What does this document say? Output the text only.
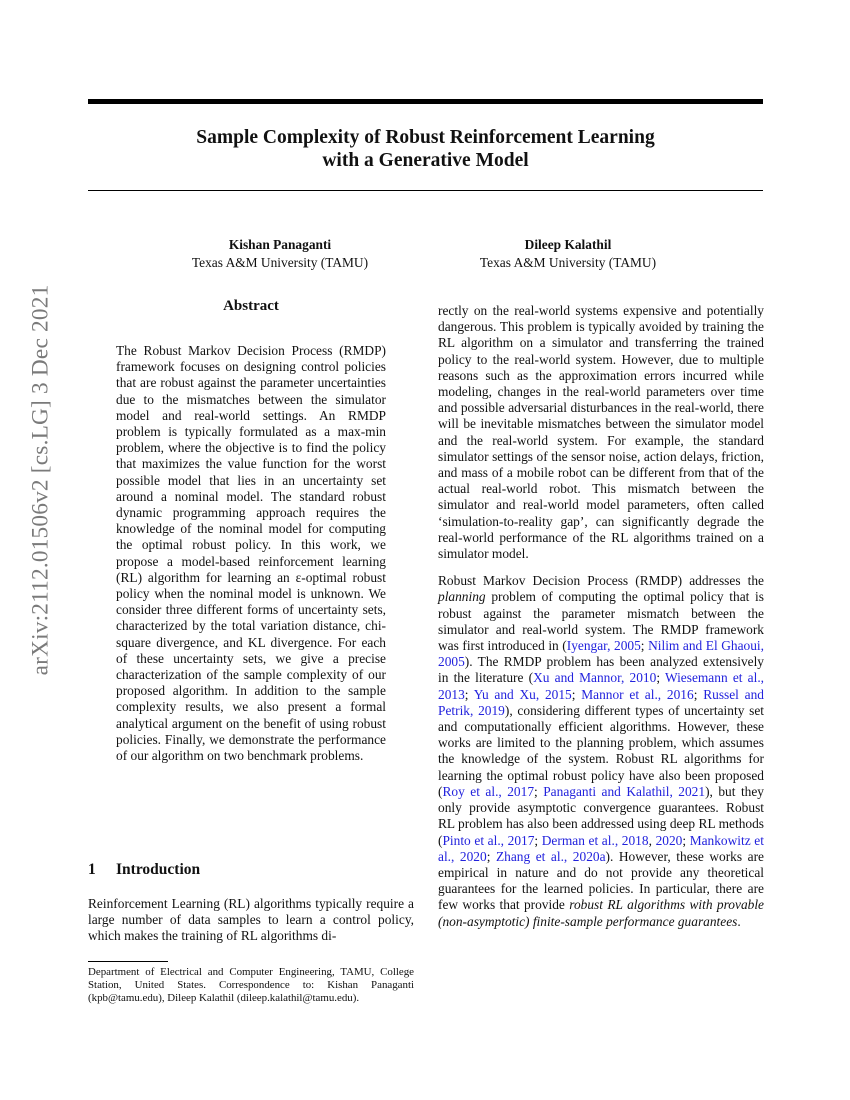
Sample Complexity of Robust Reinforcement Learning
with a Generative Model
Kishan Panaganti
Texas A&M University (TAMU)
Dileep Kalathil
Texas A&M University (TAMU)
arXiv:2112.01506v2 [cs.LG] 3 Dec 2021	Abstract
The Robust Markov Decision Process (RMDP) framework focuses on designing control policies that are robust against the parameter uncertainties due to the mismatches between the simulator model and real-world settings. An RMDP problem is typically formulated as a max-min problem, where the objective is to find the policy that maximizes the value function for the worst possible model that lies in an uncertainty set around a nominal model. The standard robust dynamic programming approach requires the knowledge of the nominal model for computing the optimal robust policy. In this work, we propose a model-based reinforcement learning (RL) algorithm for learning an ε-optimal robust policy when the nominal model is unknown. We consider three different forms of uncertainty sets, characterized by the total variation distance, chi-square divergence, and KL divergence. For each of these uncertainty sets, we give a precise characterization of the sample complexity of our proposed algorithm. In addition to the sample complexity results, we also present a formal analytical argument on the benefit of using robust policies. Finally, we demonstrate the performance of our algorithm on two benchmark problems.
1 Introduction
Reinforcement Learning (RL) algorithms typically require a large number of data samples to learn a control policy, which makes the training of RL algorithms di-
Department of Electrical and Computer Engineering, TAMU, College Station, United States. Correspondence to: Kishan Panaganti (kpb@tamu.edu), Dileep Kalathil (dileep.kalathil@tamu.edu).

rectly on the real-world systems expensive and potentially dangerous. This problem is typically avoided by training the RL algorithm on a simulator and transferring the trained policy to the real-world system. However, due to multiple reasons such as the approximation errors incurred while modeling, changes in the real-world parameters over time and possible adversarial disturbances in the real-world, there will be inevitable mismatches between the simulator model and the real-world system. For example, the standard simulator settings of the sensor noise, action delays, friction, and mass of a mobile robot can be different from that of the actual real-world robot. This mismatch between the simulator and real-world model parameters, often called ‘simulation-to-reality gap’, can significantly degrade the real-world performance of the RL algorithms trained on a simulator model.

Robust Markov Decision Process (RMDP) addresses the planning problem of computing the optimal policy that is robust against the parameter mismatch between the simulator and real-world system. The RMDP framework was first introduced in (Iyengar, 2005; Nilim and El Ghaoui, 2005). The RMDP problem has been analyzed extensively in the literature (Xu and Mannor, 2010; Wiesemann et al., 2013; Yu and Xu, 2015; Mannor et al., 2016; Russel and Petrik, 2019), considering different types of uncertainty set and computationally efficient algorithms. However, these works are limited to the planning problem, which assumes the knowledge of the system. Robust RL algorithms for learning the optimal robust policy have also been proposed (Roy et al., 2017; Panaganti and Kalathil, 2021), but they only provide asymptotic convergence guarantees. Robust RL problem has also been addressed using deep RL methods (Pinto et al., 2017; Derman et al., 2018, 2020; Mankowitz et al., 2020; Zhang et al., 2020a). However, these works are empirical in nature and do not provide any theoretical guarantees for the learned policies. In particular, there are few works that provide robust RL algorithms with provable (non-asymptotic) finite-sample performance guarantees.
